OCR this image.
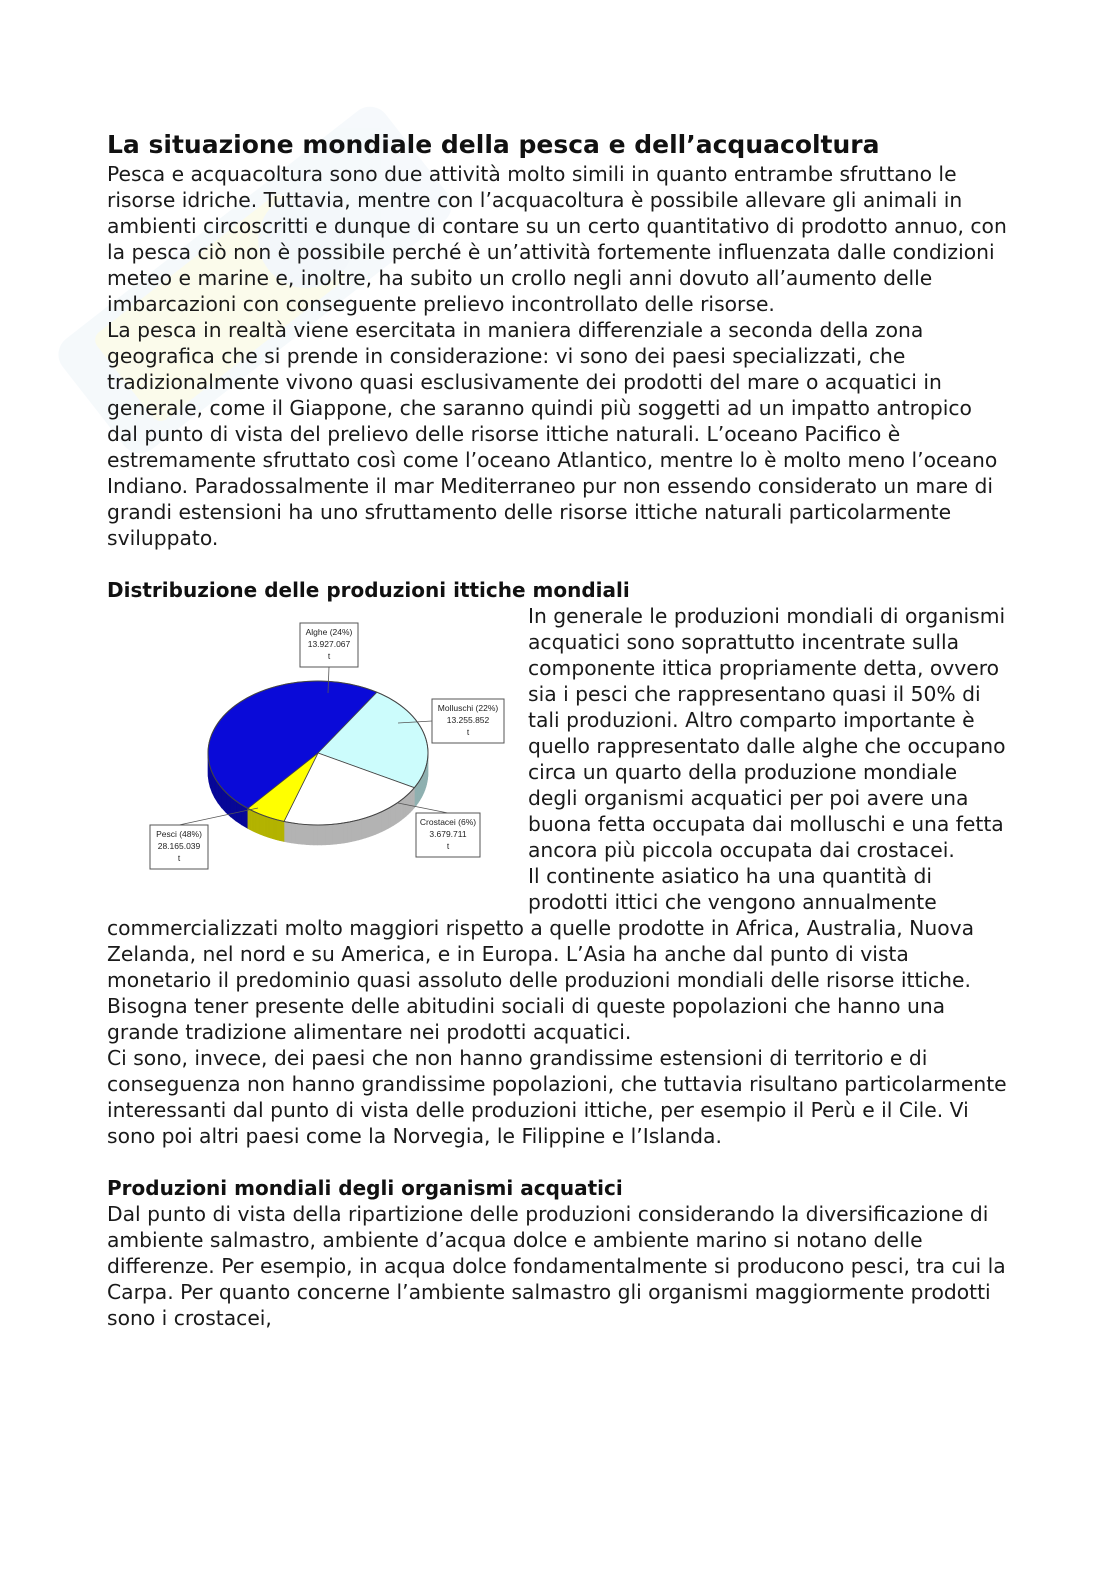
La situazione mondiale della pesca e dell’acquacoltura

Pesca e acquacoltura sono due attività molto simili in quanto entrambe sfruttano le risorse idriche. Tuttavia, mentre con l’acquacoltura è possibile allevare gli animali in ambienti circoscritti e dunque di contare su un certo quantitativo di prodotto annuo, con la pesca ciò non è possibile perché è un’attività fortemente influenzata dalle condizioni meteo e marine e, inoltre, ha subito un crollo negli anni dovuto all’aumento delle imbarcazioni con conseguente prelievo incontrollato delle risorse.

La pesca in realtà viene esercitata in maniera differenziale a seconda della zona geografica che si prende in considerazione: vi sono dei paesi specializzati, che tradizionalmente vivono quasi esclusivamente dei prodotti del mare o acquatici in generale, come il Giappone, che saranno quindi più soggetti ad un impatto antropico dal punto di vista del prelievo delle risorse ittiche naturali. L’oceano Pacifico è estremamente sfruttato così come l’oceano Atlantico, mentre lo è molto meno l’oceano Indiano. Paradossalmente il mar Mediterraneo pur non essendo considerato un mare di grandi estensioni ha uno sfruttamento delle risorse ittiche naturali particolarmente sviluppato.

Distribuzione delle produzioni ittiche mondiali
Pesci (48%)
28.165.039
t
Alghe (24%)
13.927.067
t
Molluschi (22%)
13.255.852
t
Crostacei (6%)
3.679.711
t

In generale le produzioni mondiali di organismi acquatici sono soprattutto incentrate sulla componente ittica propriamente detta, ovvero sia i pesci che rappresentano quasi il 50% di tali produzioni. Altro comparto importante è quello rappresentato dalle alghe che occupano circa un quarto della produzione mondiale degli organismi acquatici per poi avere una buona fetta occupata dai molluschi e una fetta ancora più piccola occupata dai crostacei.

Il continente asiatico ha una quantità di prodotti ittici che vengono annualmente commercializzati molto maggiori rispetto a quelle prodotte in Africa, Australia, Nuova Zelanda, nel nord e su America, e in Europa. L’Asia ha anche dal punto di vista monetario il predominio quasi assoluto delle produzioni mondiali delle risorse ittiche. Bisogna tener presente delle abitudini sociali di queste popolazioni che hanno una grande tradizione alimentare nei prodotti acquatici.

Ci sono, invece, dei paesi che non hanno grandissime estensioni di territorio e di conseguenza non hanno grandissime popolazioni, che tuttavia risultano particolarmente interessanti dal punto di vista delle produzioni ittiche, per esempio il Perù e il Cile. Vi sono poi altri paesi come la Norvegia, le Filippine e l’Islanda.

Produzioni mondiali degli organismi acquatici

Dal punto di vista della ripartizione delle produzioni considerando la diversificazione di ambiente salmastro, ambiente d’acqua dolce e ambiente marino si notano delle differenze. Per esempio, in acqua dolce fondamentalmente si producono pesci, tra cui la Carpa. Per quanto concerne l’ambiente salmastro gli organismi maggiormente prodotti sono i crostacei,
